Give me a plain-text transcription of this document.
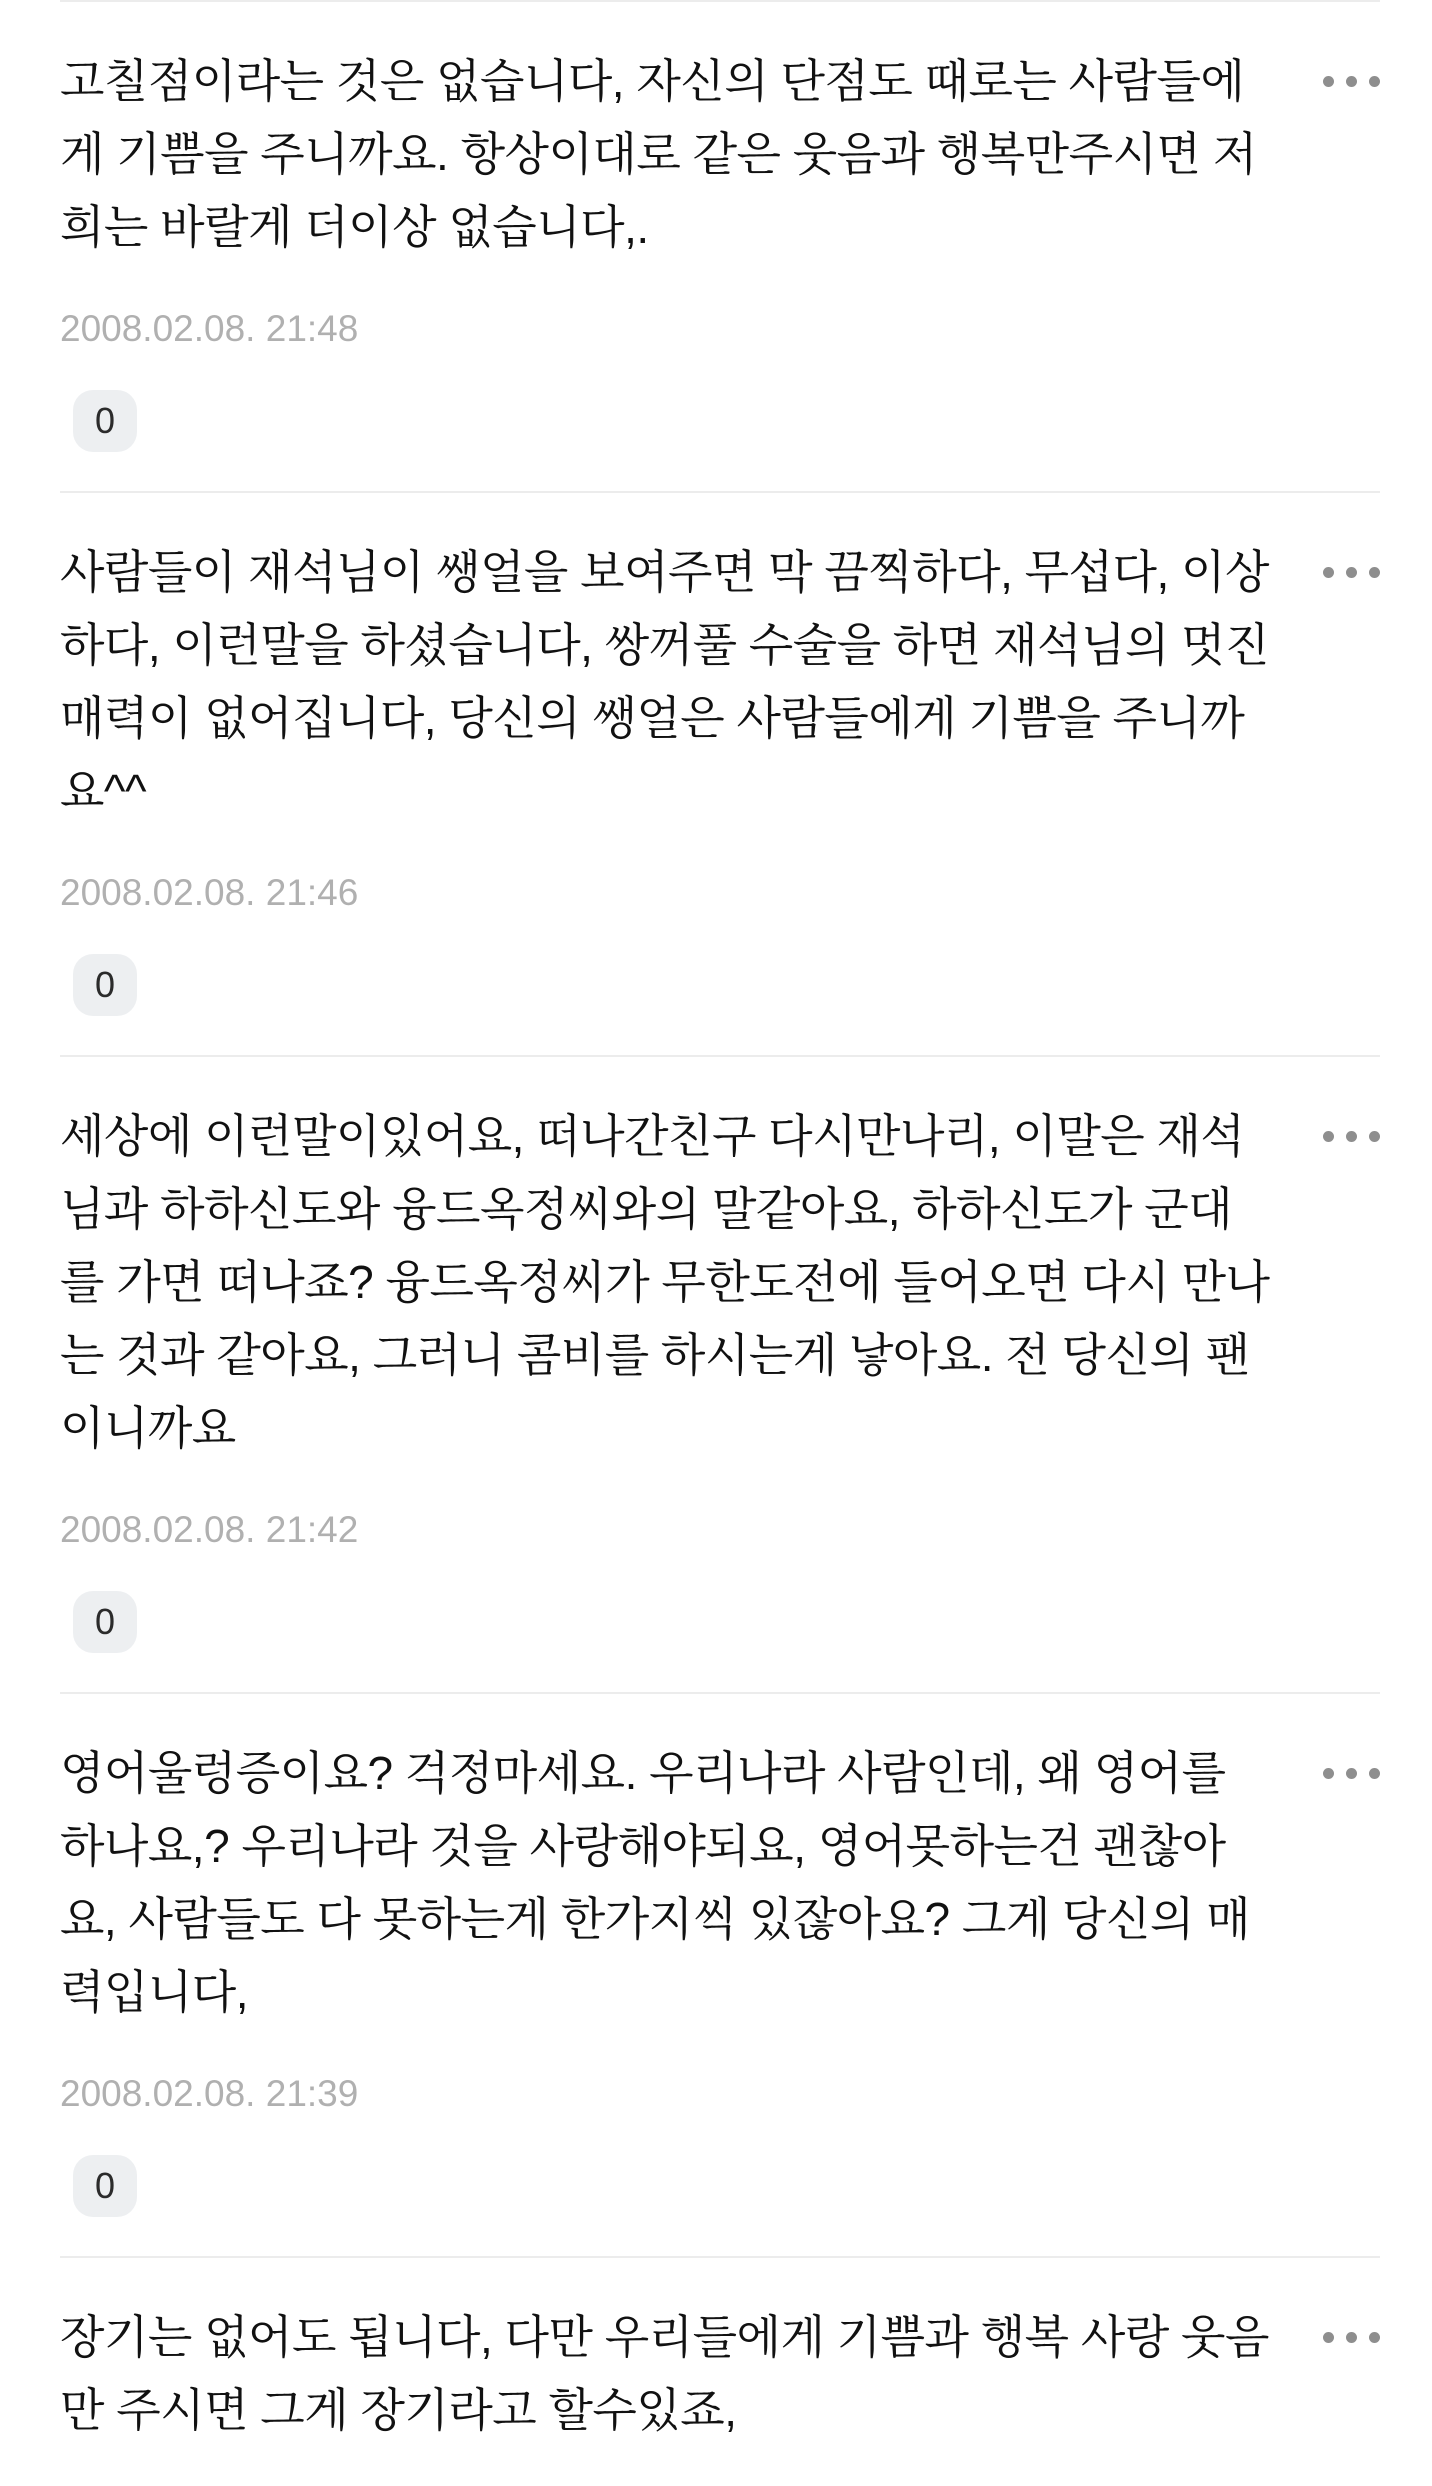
고칠점이라는 것은 없습니다, 자신의 단점도 때로는 사람들에게 기쁨을 주니까요. 항상이대로 같은 웃음과 행복만주시면 저희는 바랄게 더이상 없습니다,.

2008.02.08. 21:48
0

사람들이 재석님이 쌩얼을 보여주면 막 끔찍하다, 무섭다, 이상하다, 이런말을 하셨습니다, 쌍꺼풀 수술을 하면 재석님의 멋진 매력이 없어집니다, 당신의 쌩얼은 사람들에게 기쁨을 주니까요^^

2008.02.08. 21:46
0

세상에 이런말이있어요, 떠나간친구 다시만나리, 이말은 재석님과 하하신도와 융드옥정씨와의 말같아요, 하하신도가 군대를 가면 떠나죠? 융드옥정씨가 무한도전에 들어오면 다시 만나는 것과 같아요, 그러니 콤비를 하시는게 낳아요. 전 당신의 팬이니까요

2008.02.08. 21:42
0

영어울렁증이요? 걱정마세요. 우리나라 사람인데, 왜 영어를 하나요,? 우리나라 것을 사랑해야되요, 영어못하는건 괜찮아요, 사람들도 다 못하는게 한가지씩 있잖아요? 그게 당신의 매력입니다,

2008.02.08. 21:39
0

장기는 없어도 됩니다, 다만 우리들에게 기쁨과 행복 사랑 웃음만 주시면 그게 장기라고 할수있죠,
